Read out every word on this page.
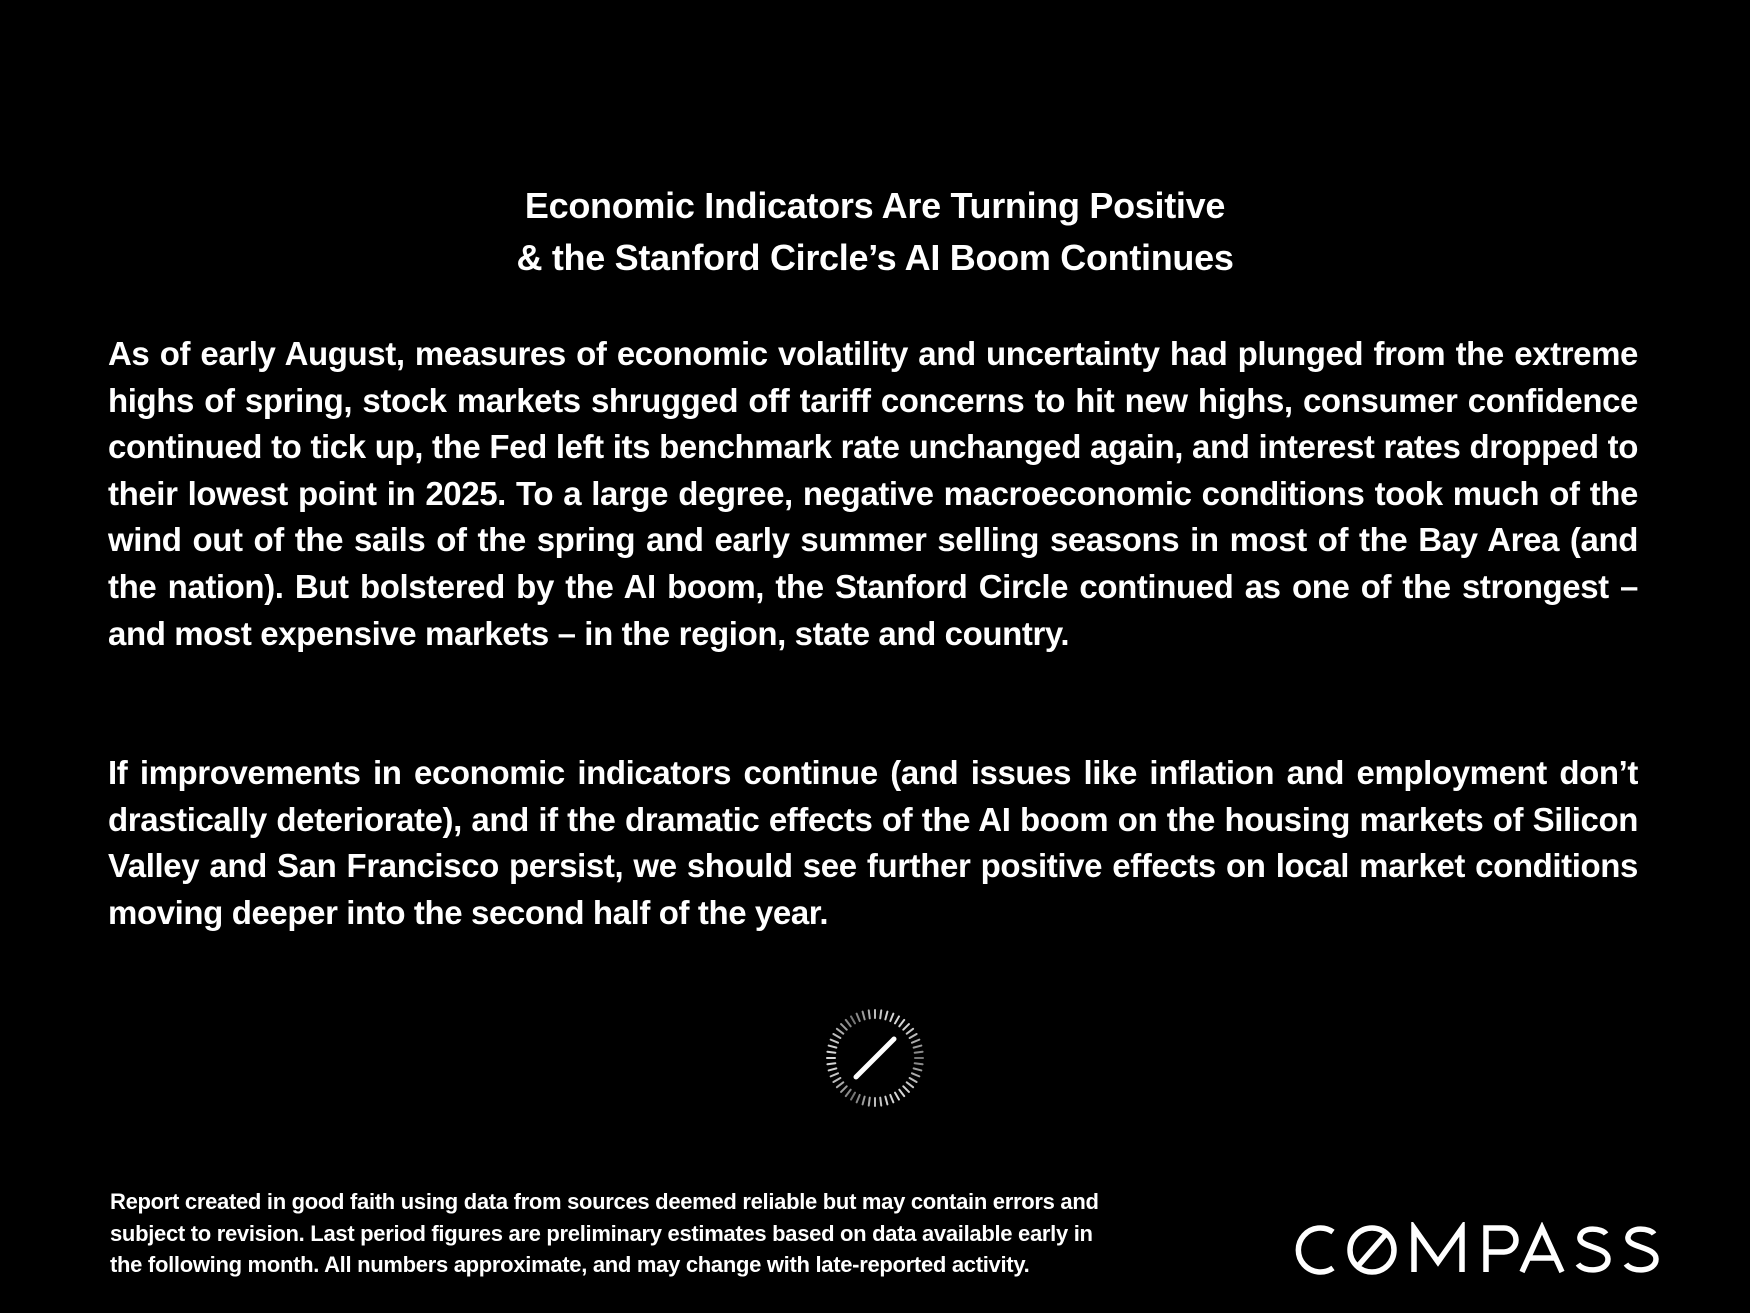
Economic Indicators Are Turning Positive
& the Stanford Circle’s AI Boom Continues

As of early August, measures of economic volatility and uncertainty had plunged from the extreme highs of spring, stock markets shrugged off tariff concerns to hit new highs, consumer confidence continued to tick up, the Fed left its benchmark rate unchanged again, and interest rates dropped to their lowest point in 2025. To a large degree, negative macroeconomic conditions took much of the wind out of the sails of the spring and early summer selling seasons in most of the Bay Area (and the nation). But bolstered by the AI boom, the Stanford Circle continued as one of the strongest – and most expensive markets – in the region, state and country.

If improvements in economic indicators continue (and issues like inflation and employment don’t drastically deteriorate), and if the dramatic effects of the AI boom on the housing markets of Silicon Valley and San Francisco persist, we should see further positive effects on local market conditions moving deeper into the second half of the year.

Report created in good faith using data from sources deemed reliable but may contain errors and
subject to revision. Last period figures are preliminary estimates based on data available early in
the following month. All numbers approximate, and may change with late-reported activity.
